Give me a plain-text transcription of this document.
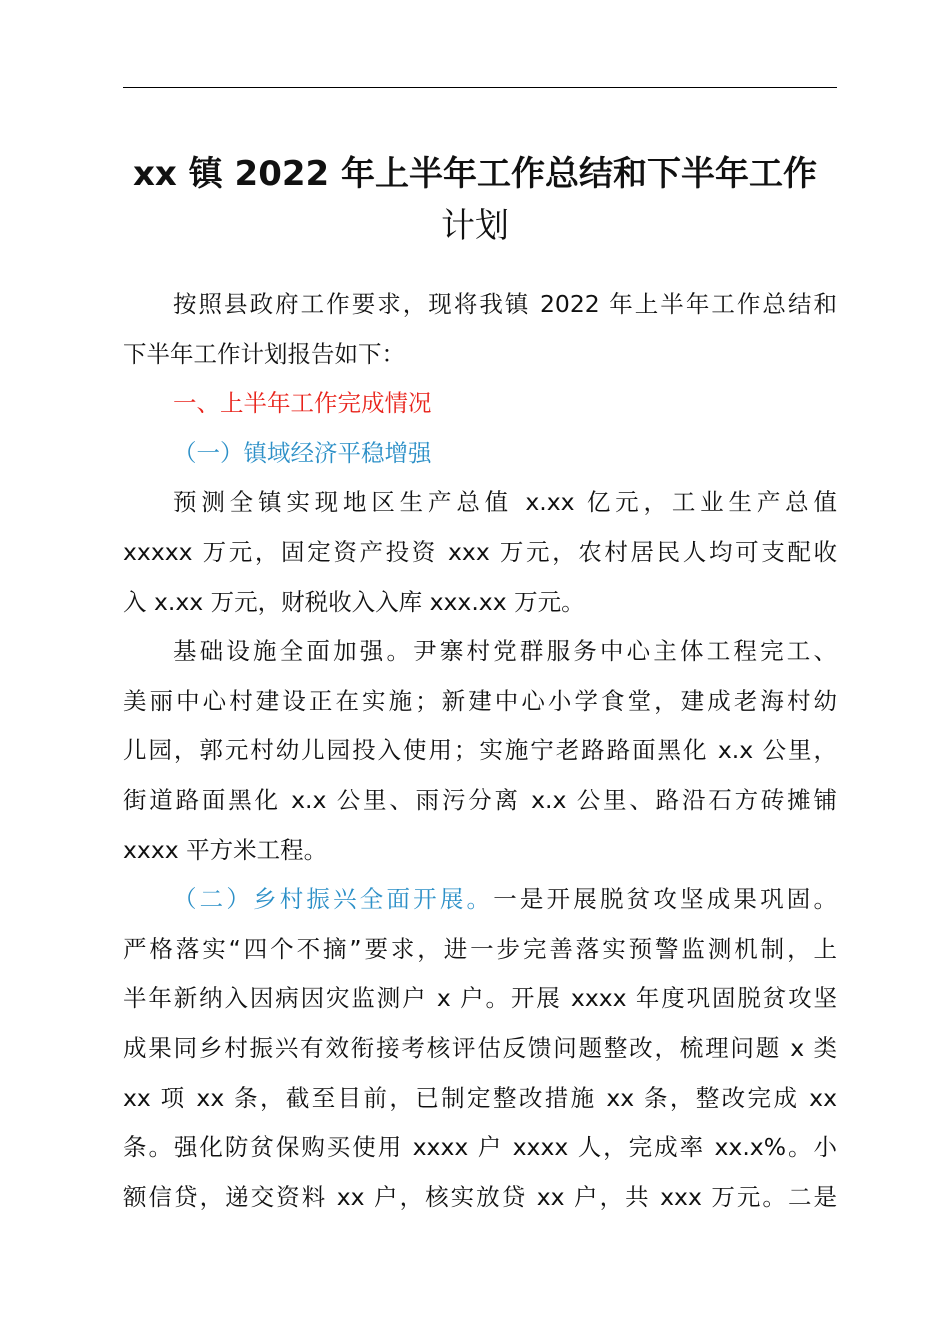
xx 镇 2022 年上半年工作总结和下半年工作
计划
按照县政府工作要求，现将我镇 2022 年上半年工作总结和
下半年工作计划报告如下：
一、上半年工作完成情况
（一）镇域经济平稳增强
预测全镇实现地区生产总值 x.xx 亿元，工业生产总值
xxxxx 万元，固定资产投资 xxx 万元，农村居民人均可支配收
入 x.xx 万元，财税收入入库 xxx.xx 万元。
基础设施全面加强。尹寨村党群服务中心主体工程完工、
美丽中心村建设正在实施；新建中心小学食堂，建成老海村幼
儿园，郭元村幼儿园投入使用；实施宁老路路面黑化 x.x 公里，
街道路面黑化 x.x 公里、雨污分离 x.x 公里、路沿石方砖摊铺
xxxx 平方米工程。
（二）乡村振兴全面开展。一是开展脱贫攻坚成果巩固。
严格落实“四个不摘”要求，进一步完善落实预警监测机制，上
半年新纳入因病因灾监测户 x 户。开展 xxxx 年度巩固脱贫攻坚
成果同乡村振兴有效衔接考核评估反馈问题整改，梳理问题 x 类
xx 项 xx 条，截至目前，已制定整改措施 xx 条，整改完成 xx
条。强化防贫保购买使用 xxxx 户 xxxx 人，完成率 xx.x%。小
额信贷，递交资料 xx 户，核实放贷 xx 户，共 xxx 万元。二是
